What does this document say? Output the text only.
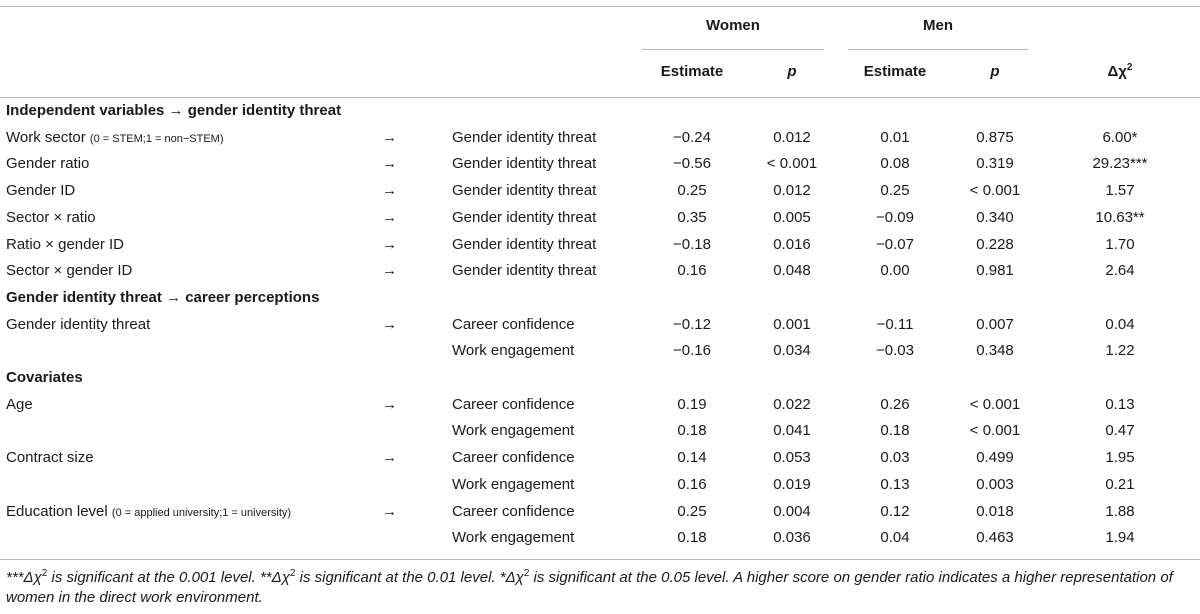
Women	Men
Estimate	p	Estimate	p	$\Delta\chi^2$
Independent variables → gender identity threat
Work sector (0 = STEM;1 = non−STEM)	→	Gender identity threat	−0.24	0.012	0.01	0.875	6.00*
Gender ratio	→	Gender identity threat	−0.56	< 0.001	0.08	0.319	29.23***
Gender ID	→	Gender identity threat	0.25	0.012	0.25	< 0.001	1.57
Sector × ratio	→	Gender identity threat	0.35	0.005	−0.09	0.340	10.63**
Ratio × gender ID	→	Gender identity threat	−0.18	0.016	−0.07	0.228	1.70
Sector × gender ID	→	Gender identity threat	0.16	0.048	0.00	0.981	2.64
Gender identity threat → career perceptions
Gender identity threat	→	Career confidence	−0.12	0.001	−0.11	0.007	0.04
Work engagement	−0.16	0.034	−0.03	0.348	1.22
Covariates
Age	→	Career confidence	0.19	0.022	0.26	< 0.001	0.13
Work engagement	0.18	0.041	0.18	< 0.001	0.47
Contract size	→	Career confidence	0.14	0.053	0.03	0.499	1.95
Work engagement	0.16	0.019	0.13	0.003	0.21
Education level (0 = applied university;1 = university)	→	Career confidence	0.25	0.004	0.12	0.018	1.88
Work engagement	0.18	0.036	0.04	0.463	1.94
$***\Delta\chi^2$ is significant at the 0.001 level. $**\Delta\chi^2$ is significant at the 0.01 level. $*\Delta\chi^2$ is significant at the 0.05 level. A higher score on gender ratio indicates a higher representation of women in the direct work environment.
